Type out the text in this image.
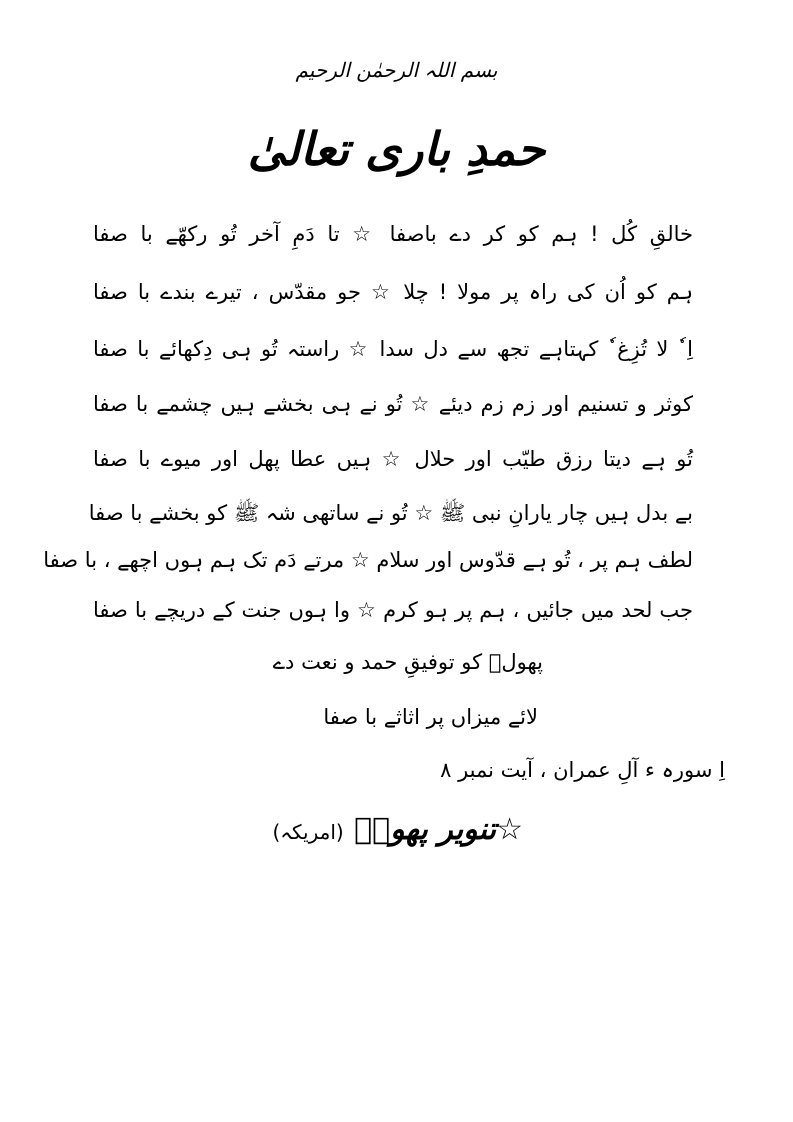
بسم اللہ الرحمٰن الرحیم
حمدِ باری تعالیٰ
خالقِ کُل ! ہم کو کر دے باصفا ☆ تا دَمِ آخر تُو رکھّے با صفا
ہم کو اُن کی راہ پر مولا ! چلا ☆ جو مقدّس ، تیرے بندے با صفا
اِ ٗ لا تُزِغ ٗ کہتاہے تجھ سے دل سدا ☆ راستہ تُو ہی دِکھائے با صفا
کوثر و تسنیم اور زم زم دیئے ☆ تُو نے ہی بخشے ہیں چشمے با صفا
تُو ہے دیتا رزق طیّب اور حلال ☆ ہیں عطا پھل اور میوے با صفا
بے بدل ہیں چار یارانِ نبی ﷺ ☆ تُو نے ساتھی شہ ﷺ کو بخشے با صفا
لطف ہم پر ، تُو ہے قدّوس اور سلام ☆ مرتے دَم تک ہم ہوں اچھے ، با صفا
جب لحد میں جائیں ، ہم پر ہو کرم ☆ وا ہوں جنت کے دریچے با صفا
پھولؔ کو توفیقِ حمد و نعت دے
لائے میزاں پر اثاثے با صفا
اِ سورہ ء آلِ عمران ، آیت نمبر ۸
☆تنویر پھولؔ (امریکہ)
